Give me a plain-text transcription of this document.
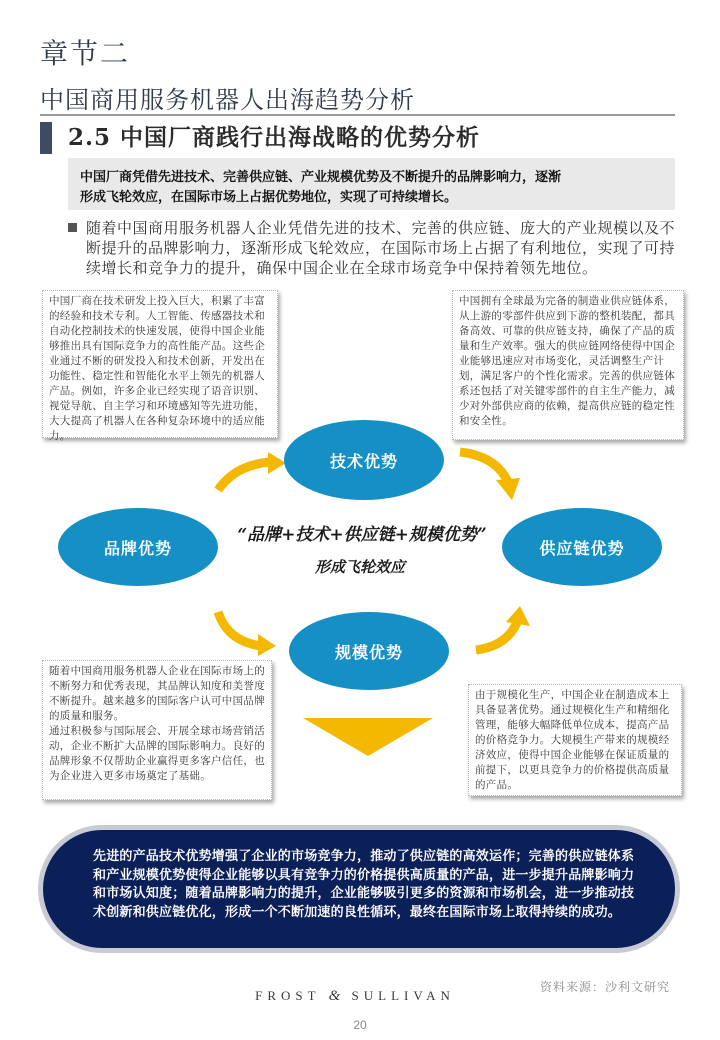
章节二
中国商用服务机器人出海趋势分析
2.5 中国厂商践行出海战略的优势分析
中国厂商凭借先进技术、完善供应链、产业规模优势及不断提升的品牌影响力，逐渐
形成飞轮效应，在国际市场上占据优势地位，实现了可持续增长。
随着中国商用服务机器人企业凭借先进的技术、完善的供应链、庞大的产业规模以及不断提升的品牌影响力，逐渐形成飞轮效应，在国际市场上占据了有利地位，实现了可持续增长和竞争力的提升，确保中国企业在全球市场竞争中保持着领先地位。

中国厂商在技术研发上投入巨大，积累了丰富的经验和技术专利。人工智能、传感器技术和自动化控制技术的快速发展，使得中国企业能够推出具有国际竞争力的高性能产品。这些企业通过不断的研发投入和技术创新，开发出在功能性、稳定性和智能化水平上领先的机器人产品。例如，许多企业已经实现了语音识别、视觉导航、自主学习和环境感知等先进功能，大大提高了机器人在各种复杂环境中的适应能力。

中国拥有全球最为完备的制造业供应链体系，从上游的零部件供应到下游的整机装配，都具备高效、可靠的供应链支持，确保了产品的质量和生产效率。强大的供应链网络使得中国企业能够迅速应对市场变化，灵活调整生产计划，满足客户的个性化需求。完善的供应链体系还包括了对关键零部件的自主生产能力，减少对外部供应商的依赖，提高供应链的稳定性和安全性。

随着中国商用服务机器人企业在国际市场上的不断努力和优秀表现，其品牌认知度和美誉度不断提升。越来越多的国际客户认可中国品牌的质量和服务。

通过积极参与国际展会、开展全球市场营销活动，企业不断扩大品牌的国际影响力。良好的品牌形象不仅帮助企业赢得更多客户信任，也为企业进入更多市场奠定了基础。

由于规模化生产，中国企业在制造成本上具备显著优势。通过规模化生产和精细化管理，能够大幅降低单位成本，提高产品的价格竞争力。大规模生产带来的规模经济效应，使得中国企业能够在保证质量的前提下，以更具竞争力的价格提供高质量的产品。

技术优势
品牌优势	供应链优势
规模优势
“品牌+技术+供应链+规模优势”
形成飞轮效应
先进的产品技术优势增强了企业的市场竞争力，推动了供应链的高效运作；完善的供应链体系和产业规模优势使得企业能够以具有竞争力的价格提供高质量的产品，进一步提升品牌影响力和市场认知度；随着品牌影响力的提升，企业能够吸引更多的资源和市场机会，进一步推动技术创新和供应链优化，形成一个不断加速的良性循环，最终在国际市场上取得持续的成功。
资料来源：沙利文研究
FROST & SULLIVAN
20
